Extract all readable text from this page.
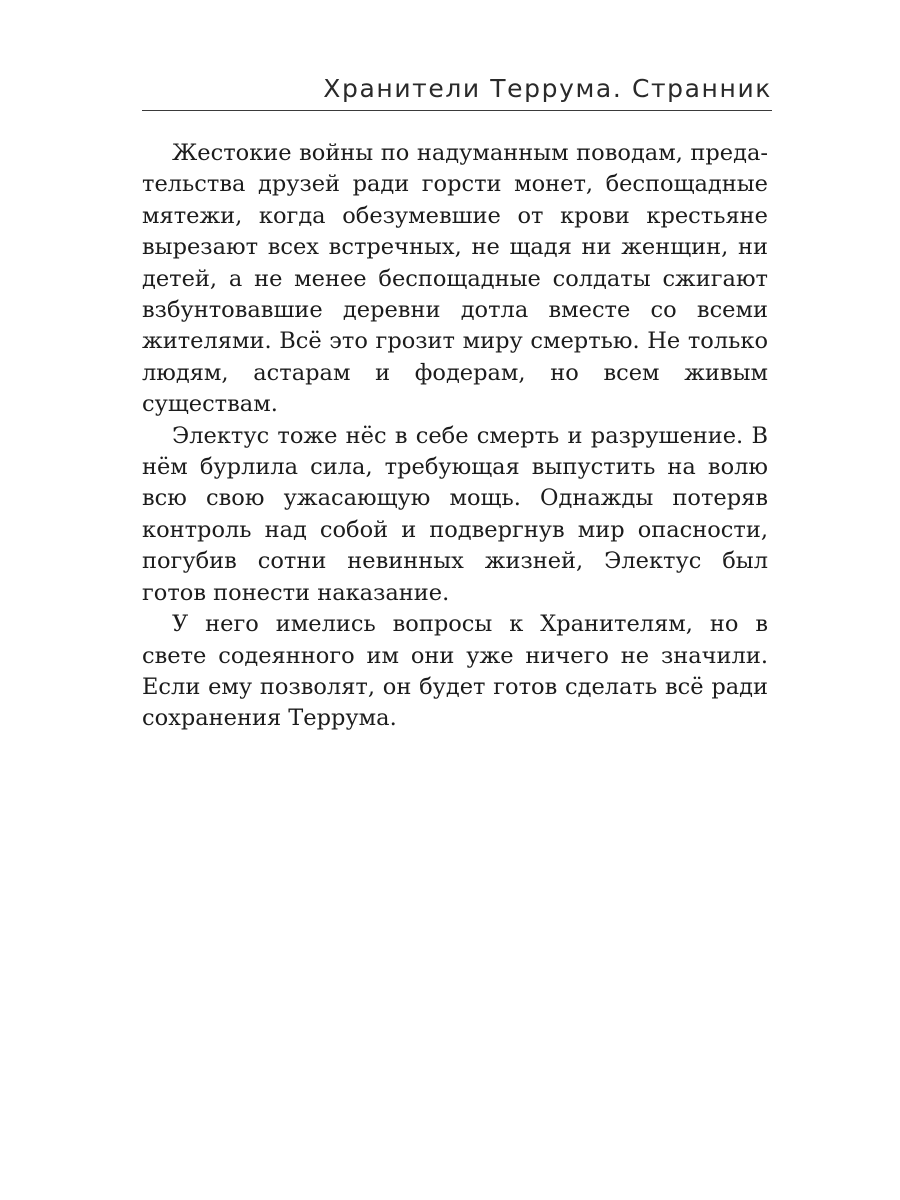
Хранители Террума. Странник

Жестокие войны по надуманным поводам, предательства друзей ради горсти монет, беспощадные мятежи, когда обезумевшие от крови крестьяне вырезают всех встречных, не щадя ни женщин, ни детей, а не менее беспощадные солдаты сжигают взбунтовавшие деревни дотла вместе со всеми жителями. Всё это грозит миру смертью. Не только людям, астарам и фодерам, но всем живым существам.

Электус тоже нёс в себе смерть и разрушение. В нём бурлила сила, требующая выпустить на волю всю свою ужасающую мощь. Однажды потеряв контроль над собой и подвергнув мир опасности, погубив сотни невинных жизней, Электус был готов понести наказание.

У него имелись вопросы к Хранителям, но в свете содеянного им они уже ничего не значили. Если ему позволят, он будет готов сделать всё ради сохранения Террума.
